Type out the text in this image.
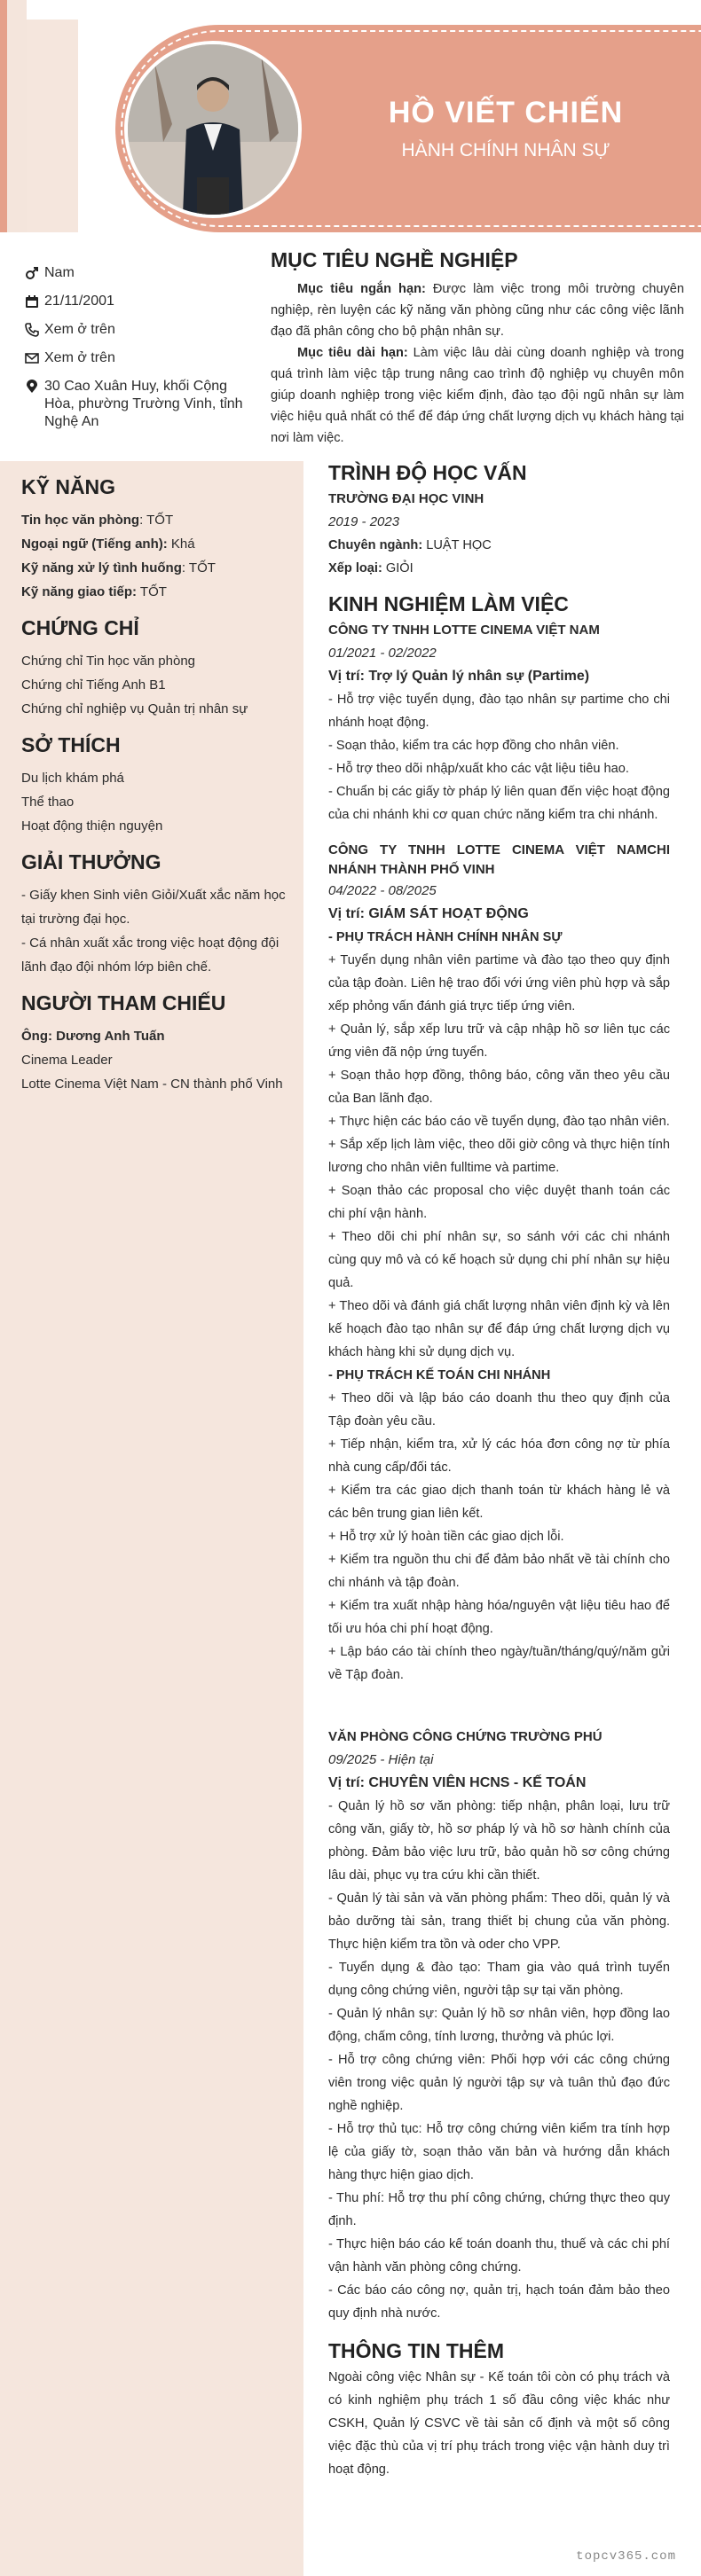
HỒ VIẾT CHIẾN
HÀNH CHÍNH NHÂN SỰ
Nam
21/11/2001
Xem ở trên
Xem ở trên
30 Cao Xuân Huy, khối Cộng Hòa, phường Trường Vinh, tỉnh Nghệ An
MỤC TIÊU NGHỀ NGHIỆP

Mục tiêu ngắn hạn: Được làm việc trong môi trường chuyên nghiệp, rèn luyện các kỹ năng văn phòng cũng như các công việc lãnh đạo đã phân công cho bộ phận nhân sự.

Mục tiêu dài hạn: Làm việc lâu dài cùng doanh nghiệp và trong quá trình làm việc tập trung nâng cao trình độ nghiệp vụ chuyên môn giúp doanh nghiệp trong việc kiểm định, đào tạo đội ngũ nhân sự làm việc hiệu quả nhất có thể để đáp ứng chất lượng dịch vụ khách hàng tại nơi làm việc.

KỸ NĂNG
Tin học văn phòng: TỐT
Ngoại ngữ (Tiếng anh): Khá
Kỹ năng xử lý tình huống: TỐT
Kỹ năng giao tiếp: TỐT
CHỨNG CHỈ
Chứng chỉ Tin học văn phòng
Chứng chỉ Tiếng Anh B1
Chứng chỉ nghiệp vụ Quản trị nhân sự
SỞ THÍCH
Du lịch khám phá
Thể thao
Hoạt động thiện nguyện
GIẢI THƯỞNG
- Giấy khen Sinh viên Giỏi/Xuất xắc năm học tại trường đại học.
- Cá nhân xuất xắc trong việc hoạt động đội lãnh đạo đội nhóm lớp biên chế.
NGƯỜI THAM CHIẾU
Ông: Dương Anh Tuấn
Cinema Leader
Lotte Cinema Việt Nam - CN thành phố Vinh
TRÌNH ĐỘ HỌC VẤN
TRƯỜNG ĐẠI HỌC VINH
2019 - 2023
Chuyên ngành: LUẬT HỌC
Xếp loại: GIỎI
KINH NGHIỆM LÀM VIỆC
CÔNG TY TNHH LOTTE CINEMA VIỆT NAM
01/2021 - 02/2022
Vị trí: Trợ lý Quản lý nhân sự (Partime)

- Hỗ trợ việc tuyển dụng, đào tạo nhân sự partime cho chi nhánh hoạt động.

- Soạn thảo, kiểm tra các hợp đồng cho nhân viên.

- Hỗ trợ theo dõi nhập/xuất kho các vật liệu tiêu hao.

- Chuẩn bị các giấy tờ pháp lý liên quan đến việc hoạt động của chi nhánh khi cơ quan chức năng kiểm tra chi nhánh.

CÔNG TY TNHH LOTTE CINEMA VIỆT NAMCHI NHÁNH THÀNH PHỐ VINH
04/2022 - 08/2025
Vị trí: GIÁM SÁT HOẠT ĐỘNG
- PHỤ TRÁCH HÀNH CHÍNH NHÂN SỰ

+ Tuyển dụng nhân viên partime và đào tạo theo quy định của tập đoàn. Liên hệ trao đổi với ứng viên phù hợp và sắp xếp phỏng vấn đánh giá trực tiếp ứng viên.

+ Quản lý, sắp xếp lưu trữ và cập nhập hồ sơ liên tục các ứng viên đã nộp ứng tuyển.

+ Soạn thảo hợp đồng, thông báo, công văn theo yêu cầu của Ban lãnh đạo.

+ Thực hiện các báo cáo về tuyển dụng, đào tạo nhân viên.

+ Sắp xếp lịch làm việc, theo dõi giờ công và thực hiện tính lương cho nhân viên fulltime và partime.

+ Soạn thảo các proposal cho việc duyệt thanh toán các chi phí vận hành.

+ Theo dõi chi phí nhân sự, so sánh với các chi nhánh cùng quy mô và có kế hoạch sử dụng chi phí nhân sự hiệu quả.

+ Theo dõi và đánh giá chất lượng nhân viên định kỳ và lên kế hoạch đào tạo nhân sự để đáp ứng chất lượng dịch vụ khách hàng khi sử dụng dịch vụ.

- PHỤ TRÁCH KẾ TOÁN CHI NHÁNH

+ Theo dõi và lập báo cáo doanh thu theo quy định của Tập đoàn yêu cầu.

+ Tiếp nhận, kiểm tra, xử lý các hóa đơn công nợ từ phía nhà cung cấp/đối tác.

+ Kiểm tra các giao dịch thanh toán từ khách hàng lẻ và các bên trung gian liên kết.

+ Hỗ trợ xử lý hoàn tiền các giao dịch lỗi.

+ Kiểm tra nguồn thu chi để đảm bảo nhất về tài chính cho chi nhánh và tập đoàn.

+ Kiểm tra xuất nhập hàng hóa/nguyên vật liệu tiêu hao để tối ưu hóa chi phí hoạt động.

+ Lập báo cáo tài chính theo ngày/tuần/tháng/quý/năm gửi về Tập đoàn.

VĂN PHÒNG CÔNG CHỨNG TRƯỜNG PHÚ
09/2025 - Hiện tại
Vị trí: CHUYÊN VIÊN HCNS - KẾ TOÁN

- Quản lý hồ sơ văn phòng: tiếp nhận, phân loại, lưu trữ công văn, giấy tờ, hồ sơ pháp lý và hồ sơ hành chính của phòng. Đảm bảo việc lưu trữ, bảo quản hồ sơ công chứng lâu dài, phục vụ tra cứu khi cần thiết.

- Quản lý tài sản và văn phòng phẩm: Theo dõi, quản lý và bảo dưỡng tài sản, trang thiết bị chung của văn phòng. Thực hiện kiểm tra tồn và oder cho VPP.

- Tuyển dụng & đào tạo: Tham gia vào quá trình tuyển dụng công chứng viên, người tập sự tại văn phòng.

- Quản lý nhân sự: Quản lý hồ sơ nhân viên, hợp đồng lao động, chấm công, tính lương, thưởng và phúc lợi.

- Hỗ trợ công chứng viên: Phối hợp với các công chứng viên trong việc quản lý người tập sự và tuân thủ đạo đức nghề nghiệp.

- Hỗ trợ thủ tục: Hỗ trợ công chứng viên kiểm tra tính hợp lệ của giấy tờ, soạn thảo văn bản và hướng dẫn khách hàng thực hiện giao dịch.

- Thu phí: Hỗ trợ thu phí công chứng, chứng thực theo quy định.

- Thực hiện báo cáo kế toán doanh thu, thuế và các chi phí vận hành văn phòng công chứng.

- Các báo cáo công nợ, quản trị, hạch toán đảm bảo theo quy định nhà nước.

THÔNG TIN THÊM

Ngoài công việc Nhân sự - Kế toán tôi còn có phụ trách và có kinh nghiệm phụ trách 1 số đầu công việc khác như CSKH, Quản lý CSVC về tài sản cố định và một số công việc đặc thù của vị trí phụ trách trong việc vận hành duy trì hoạt động.

topcv365.com
